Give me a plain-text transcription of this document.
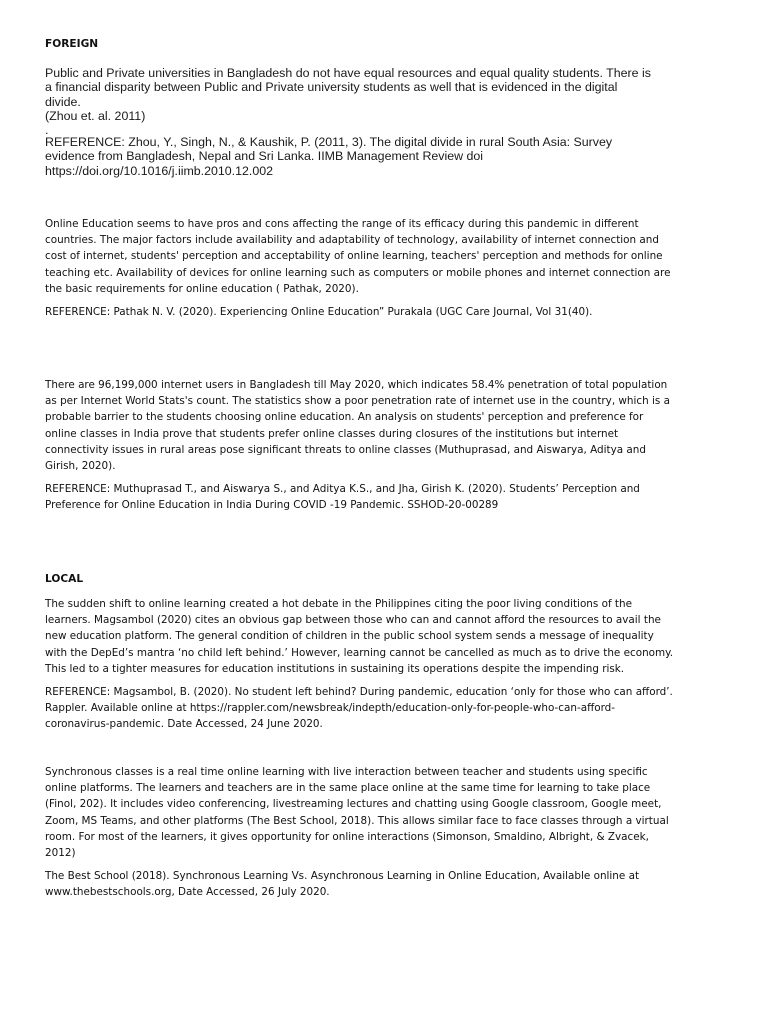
FOREIGN
Public and Private universities in Bangladesh do not have equal resources and equal quality students. There is
a financial disparity between Public and Private university students as well that is evidenced in the digital
divide.
(Zhou et. al. 2011)
.
REFERENCE: Zhou, Y., Singh, N., & Kaushik, P. (2011, 3). The digital divide in rural South Asia: Survey
evidence from Bangladesh, Nepal and Sri Lanka. IIMB Management Review doi
https://doi.org/10.1016/j.iimb.2010.12.002
Online Education seems to have pros and cons affecting the range of its efficacy during this pandemic in different
countries. The major factors include availability and adaptability of technology, availability of internet connection and
cost of internet, students' perception and acceptability of online learning, teachers' perception and methods for online
teaching etc. Availability of devices for online learning such as computers or mobile phones and internet connection are
the basic requirements for online education ( Pathak, 2020).
REFERENCE: Pathak N. V. (2020). Experiencing Online Education” Purakala (UGC Care Journal, Vol 31(40).
There are 96,199,000 internet users in Bangladesh till May 2020, which indicates 58.4% penetration of total population
as per Internet World Stats's count. The statistics show a poor penetration rate of internet use in the country, which is a
probable barrier to the students choosing online education. An analysis on students' perception and preference for
online classes in India prove that students prefer online classes during closures of the institutions but internet
connectivity issues in rural areas pose significant threats to online classes (Muthuprasad, and Aiswarya, Aditya and
Girish, 2020).
REFERENCE: Muthuprasad T., and Aiswarya S., and Aditya K.S., and Jha, Girish K. (2020). Students’ Perception and
Preference for Online Education in India During COVID -19 Pandemic. SSHOD-20-00289
LOCAL
The sudden shift to online learning created a hot debate in the Philippines citing the poor living conditions of the
learners. Magsambol (2020) cites an obvious gap between those who can and cannot afford the resources to avail the
new education platform. The general condition of children in the public school system sends a message of inequality
with the DepEd’s mantra ‘no child left behind.’ However, learning cannot be cancelled as much as to drive the economy.
This led to a tighter measures for education institutions in sustaining its operations despite the impending risk.
REFERENCE: Magsambol, B. (2020). No student left behind? During pandemic, education ‘only for those who can afford’.
Rappler. Available online at https://rappler.com/newsbreak/indepth/education-only-for-people-who-can-afford-
coronavirus-pandemic. Date Accessed, 24 June 2020.
Synchronous classes is a real time online learning with live interaction between teacher and students using specific
online platforms. The learners and teachers are in the same place online at the same time for learning to take place
(Finol, 202). It includes video conferencing, livestreaming lectures and chatting using Google classroom, Google meet,
Zoom, MS Teams, and other platforms (The Best School, 2018). This allows similar face to face classes through a virtual
room. For most of the learners, it gives opportunity for online interactions (Simonson, Smaldino, Albright, & Zvacek,
2012)
The Best School (2018). Synchronous Learning Vs. Asynchronous Learning in Online Education, Available online at
www.thebestschools.org, Date Accessed, 26 July 2020.
